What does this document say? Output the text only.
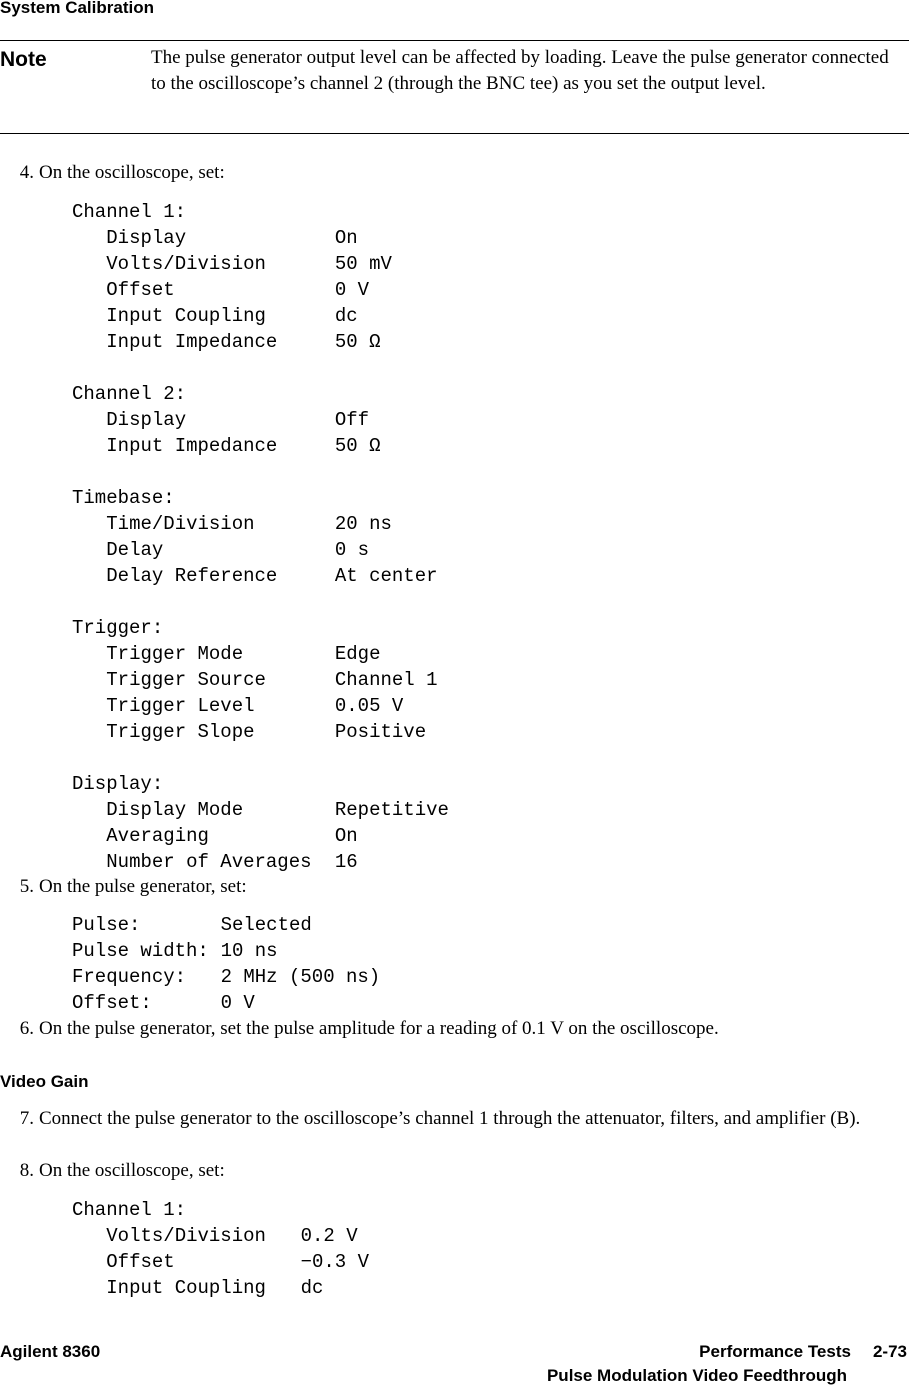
System Calibration
Note	The pulse generator output level can be affected by loading. Leave the pulse generator connected to the oscilloscope’s channel 2 (through the BNC tee) as you set the output level.
4. On the oscilloscope, set:
Channel 1:
Display	On
Volts/Division	50 mV
Offset	0 V
Input Coupling	dc
Input Impedance	50 Ω
Channel 2:
Display	Off
Input Impedance	50 Ω
Timebase:
Time/Division	20 ns
Delay	0 s
Delay Reference	At center
Trigger:
Trigger Mode	Edge
Trigger Source	Channel 1
Trigger Level	0.05 V
Trigger Slope	Positive
Display:
Display Mode	Repetitive
Averaging	On
Number of Averages 16
5. On the pulse generator, set:
Pulse:	Selected
Pulse width: 10 ns
Frequency: 2 MHz (500 ns)
Offset:	0 V
6. On the pulse generator, set the pulse amplitude for a reading of 0.1 V on the oscilloscope.
Video Gain
7. Connect the pulse generator to the oscilloscope’s channel 1 through the attenuator, filters, and amplifier (B).
8. On the oscilloscope, set:
Channel 1:
Volts/Division 0.2 V
Offset	−0.3 V
Input Coupling dc
Agilent 8360	Performance Tests 2-73
Pulse Modulation Video Feedthrough
